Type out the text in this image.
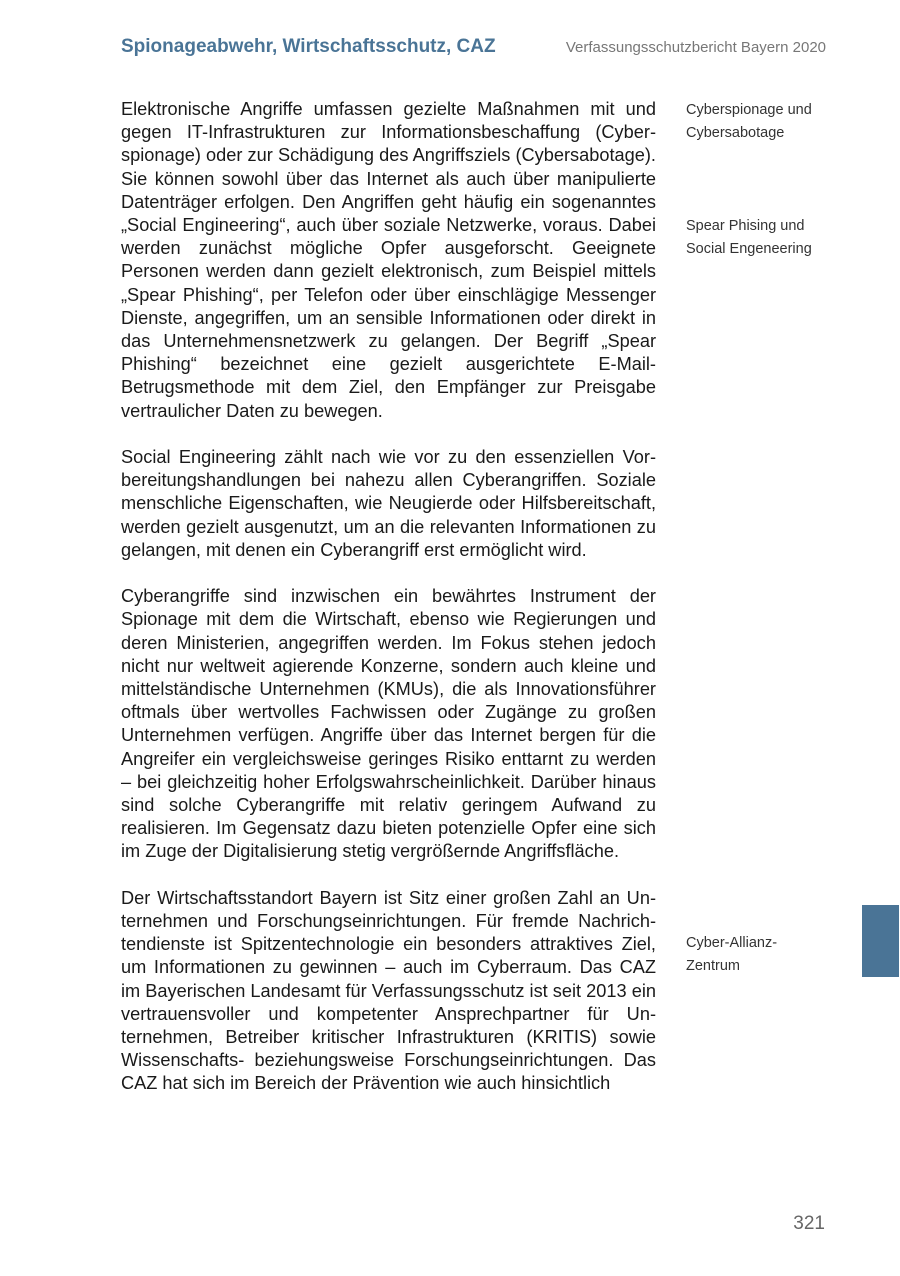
Spionageabwehr, Wirtschaftsschutz, CAZ	Verfassungsschutzbericht Bayern 2020

Elektronische Angriffe umfassen gezielte Maßnahmen mit und gegen IT-Infrastrukturen zur Informationsbeschaffung (Cyberspionage) oder zur Schädigung des Angriffsziels (Cybersabotage). Sie können sowohl über das Internet als auch über manipulierte Datenträger erfolgen. Den Angriffen geht häufig ein sogenanntes „Social Engineering“, auch über soziale Netzwerke, voraus. Dabei werden zunächst mögliche Opfer ausgeforscht. Geeignete Personen werden dann gezielt elektronisch, zum Beispiel mittels „Spear Phishing“, per Telefon oder über einschlägige Messenger Dienste, angegriffen, um an sensible Informationen oder direkt in das Unternehmensnetzwerk zu gelangen. Der Begriff „Spear Phishing“ bezeichnet eine gezielt ausgerichtete E-Mail-Betrugsmethode mit dem Ziel, den Empfänger zur Preisgabe vertraulicher Daten zu bewegen.

Social Engineering zählt nach wie vor zu den essenziellen Vorbereitungshandlungen bei nahezu allen Cyberangriffen. Soziale menschliche Eigenschaften, wie Neugierde oder Hilfsbereitschaft, werden gezielt ausgenutzt, um an die relevanten Informationen zu gelangen, mit denen ein Cyberangriff erst ermöglicht wird.

Cyberangriffe sind inzwischen ein bewährtes Instrument der Spionage mit dem die Wirtschaft, ebenso wie Regierungen und deren Ministerien, angegriffen werden. Im Fokus stehen jedoch nicht nur weltweit agierende Konzerne, sondern auch kleine und mittelständische Unternehmen (KMUs), die als Innovationsführer oftmals über wertvolles Fachwissen oder Zugänge zu großen Unternehmen verfügen. Angriffe über das Internet bergen für die Angreifer ein vergleichsweise geringes Risiko enttarnt zu werden – bei gleichzeitig hoher Erfolgswahrscheinlichkeit. Darüber hinaus sind solche Cyberangriffe mit relativ geringem Aufwand zu realisieren. Im Gegensatz dazu bieten potenzielle Opfer eine sich im Zuge der Digitalisierung stetig vergrößernde Angriffsfläche.

Der Wirtschaftsstandort Bayern ist Sitz einer großen Zahl an Unternehmen und Forschungseinrichtungen. Für fremde Nachrichtendienste ist Spitzentechnologie ein besonders attraktives Ziel, um Informationen zu gewinnen – auch im Cyberraum. Das CAZ im Bayerischen Landesamt für Verfassungsschutz ist seit 2013 ein vertrauensvoller und kompetenter Ansprechpartner für Unternehmen, Betreiber kritischer Infrastrukturen (KRITIS) sowie Wissenschafts- beziehungsweise Forschungseinrichtungen. Das CAZ hat sich im Bereich der Prävention wie auch hinsichtlich

Cyberspionage und
Cybersabotage
Spear Phising und
Social Engeneering
Cyber-Allianz-
Zentrum
321
